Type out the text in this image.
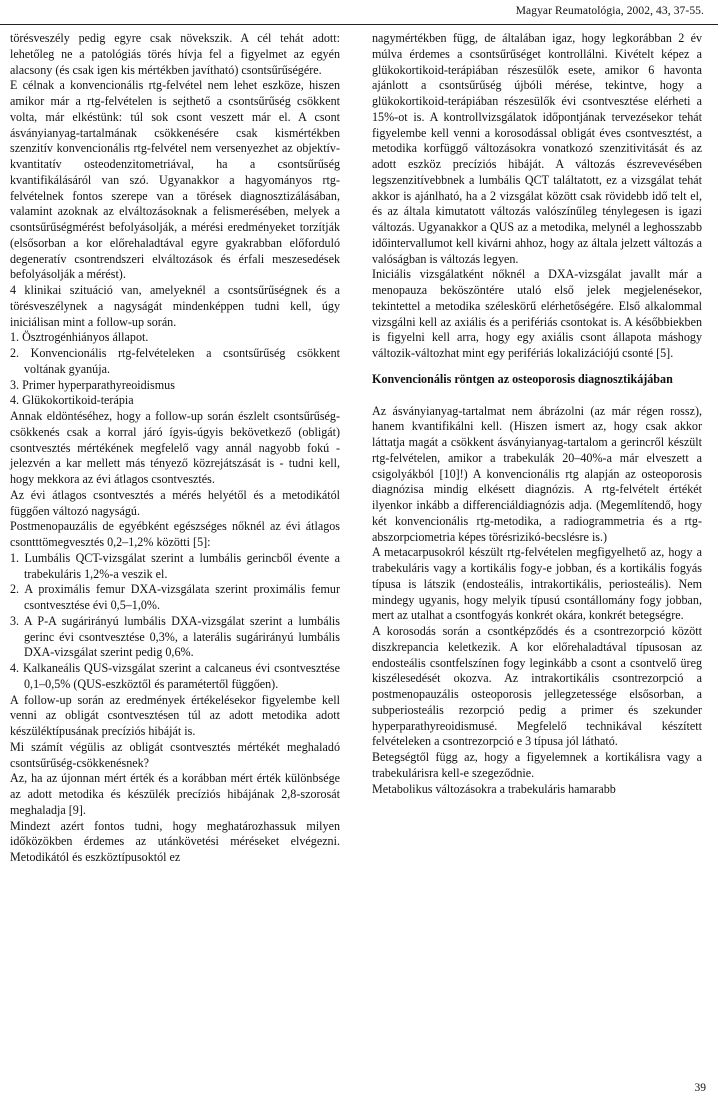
Magyar Reumatológia, 2002, 43, 37-55.

törésveszély pedig egyre csak növekszik. A cél tehát adott: lehetőleg ne a patológiás törés hívja fel a figyelmet az egyén alacsony (és csak igen kis mértékben javítható) csontsűrűségére.

E célnak a konvencionális rtg-felvétel nem lehet eszköze, hiszen amikor már a rtg-felvételen is sejthető a csontsűrűség csökkent volta, már elkéstünk: túl sok csont veszett már el. A csont ásványianyag-tartalmának csökkenésére csak kismértékben szenzitív konvencionális rtg-felvétel nem versenyezhet az objektív-kvantitatív osteodenzitometriával, ha a csontsűrűség kvantifikálásáról van szó. Ugyanakkor a hagyományos rtg-felvételnek fontos szerepe van a törések diagnosztizálásában, valamint azoknak az elváltozásoknak a felismerésében, melyek a csontsűrűségmérést befolyásolják, a mérési eredményeket torzítják (elsősorban a kor előrehaladtával egyre gyakrabban előforduló degeneratív csontrendszeri elváltozások és érfali meszesedések befolyásolják a mérést).

4 klinikai szituáció van, amelyeknél a csontsűrűségnek és a törésveszélynek a nagyságát mindenképpen tudni kell, úgy iniciálisan mint a follow-up során.

1. Ösztrogénhiányos állapot.

2. Konvencionális rtg-felvételeken a csontsűrűség csökkent voltának gyanúja.

3. Primer hyperparathyreoidismus

4. Glükokortikoid-terápia

Annak eldöntéséhez, hogy a follow-up során észlelt csontsűrűség-csökkenés csak a korral járó ígyis-úgyis bekövetkező (obligát) csontvesztés mértékének megfelelő vagy annál nagyobb fokú - jelezvén a kar mellett más tényező közrejátszását is - tudni kell, hogy mekkora az évi átlagos csontvesztés.

Az évi átlagos csontvesztés a mérés helyétől és a metodikától függően változó nagyságú.

Postmenopauzális de egyébként egészséges nőknél az évi átlagos csontttömegvesztés 0,2–1,2% közötti [5]:

1. Lumbális QCT-vizsgálat szerint a lumbális gerincből évente a trabekuláris 1,2%-a veszik el.

2. A proximális femur DXA-vizsgálata szerint proximális femur csontvesztése évi 0,5–1,0%.

3. A P-A sugárirányú lumbális DXA-vizsgálat szerint a lumbális gerinc évi csontvesztése 0,3%, a laterális sugárirányú lumbális DXA-vizsgálat szerint pedig 0,6%.

4. Kalkaneális QUS-vizsgálat szerint a calcaneus évi csontvesztése 0,1–0,5% (QUS-eszköztől és paramétertől függően).

A follow-up során az eredmények értékelésekor figyelembe kell venni az obligát csontvesztésen túl az adott metodika adott készüléktípusának precíziós hibáját is.

Mi számít végülis az obligát csontvesztés mértékét meghaladó csontsűrűség-csökkenésnek?

Az, ha az újonnan mért érték és a korábban mért érték különbsége az adott metodika és készülék precíziós hibájának 2,8-szorosát meghaladja [9].

Mindezt azért fontos tudni, hogy meghatározhassuk milyen időközökben érdemes az utánkövetési méréseket elvégezni. Metodikától és eszköztípusoktól ez

nagymértékben függ, de általában igaz, hogy legkorábban 2 év múlva érdemes a csontsűrűséget kontrollálni. Kivételt képez a glükokortikoid-terápiában részesülők esete, amikor 6 havonta ajánlott a csontsűrűség újbóli mérése, tekintve, hogy a glükokortikoid-terápiában részesülők évi csontvesztése elérheti a 15%-ot is. A kontrollvizsgálatok időpontjának tervezésekor tehát figyelembe kell venni a korosodással obligát éves csontvesztést, a metodika korfüggő változásokra vonatkozó szenzitivitását és az adott eszköz precíziós hibáját. A változás észrevevésében legszenzitívebbnek a lumbális QCT találtatott, ez a vizsgálat tehát akkor is ajánlható, ha a 2 vizsgálat között csak rövidebb idő telt el, és az általa kimutatott változás valószínűleg ténylegesen is igazi változás. Ugyanakkor a QUS az a metodika, melynél a leghosszabb időintervallumot kell kivárni ahhoz, hogy az általa jelzett változás a valóságban is változás legyen.

Iniciális vizsgálatként nőknél a DXA-vizsgálat javallt már a menopauza beköszöntére utaló első jelek megjelenésekor, tekintettel a metodika széleskörű elérhetőségére. Első alkalommal vizsgálni kell az axiális és a perifériás csontokat is. A későbbiekben is figyelni kell arra, hogy egy axiális csont állapota máshogy változik-változhat mint egy perifériás lokalizációjú csonté [5].

Konvencionális röntgen az osteoporosis diagnosztikájában

Az ásványianyag-tartalmat nem ábrázolni (az már régen rossz), hanem kvantifikálni kell. (Hiszen ismert az, hogy csak akkor láttatja magát a csökkent ásványianyag-tartalom a gerincről készült rtg-felvételen, amikor a trabekulák 20–40%-a már elveszett a csigolyákból [10]!) A konvencionális rtg alapján az osteoporosis diagnózisa mindig elkésett diagnózis. A rtg-felvételt értékét ilyenkor inkább a differenciáldiagnózis adja. (Megemlítendő, hogy két konvencionális rtg-metodika, a radiogrammetria és a rtg-abszorpciometria képes törésrizikó-becslésre is.)

A metacarpusokról készült rtg-felvételen megfigyelhető az, hogy a trabekuláris vagy a kortikális fogy-e jobban, és a kortikális fogyás típusa is látszik (endosteális, intrakortikális, periosteális). Nem mindegy ugyanis, hogy melyik típusú csontállomány fogy jobban, mert az utalhat a csontfogyás konkrét okára, konkrét betegségre.

A korosodás során a csontképződés és a csontrezorpció között diszkrepancia keletkezik. A kor előrehaladtával típusosan az endosteális csontfelszínen fogy leginkább a csont a csontvelő üreg kiszélesedését okozva. Az intrakortikális csontrezorpció a postmenopauzális osteoporosis jellegzetessége elsősorban, a subperiosteális rezorpció pedig a primer és szekunder hyperparathyreoidismusé. Megfelelő technikával készített felvételeken a csontrezorpció e 3 típusa jól látható.

Betegségtől függ az, hogy a figyelemnek a kortikálisra vagy a trabekulárisra kell-e szegeződnie.

Metabolikus változásokra a trabekuláris hamarabb

39
